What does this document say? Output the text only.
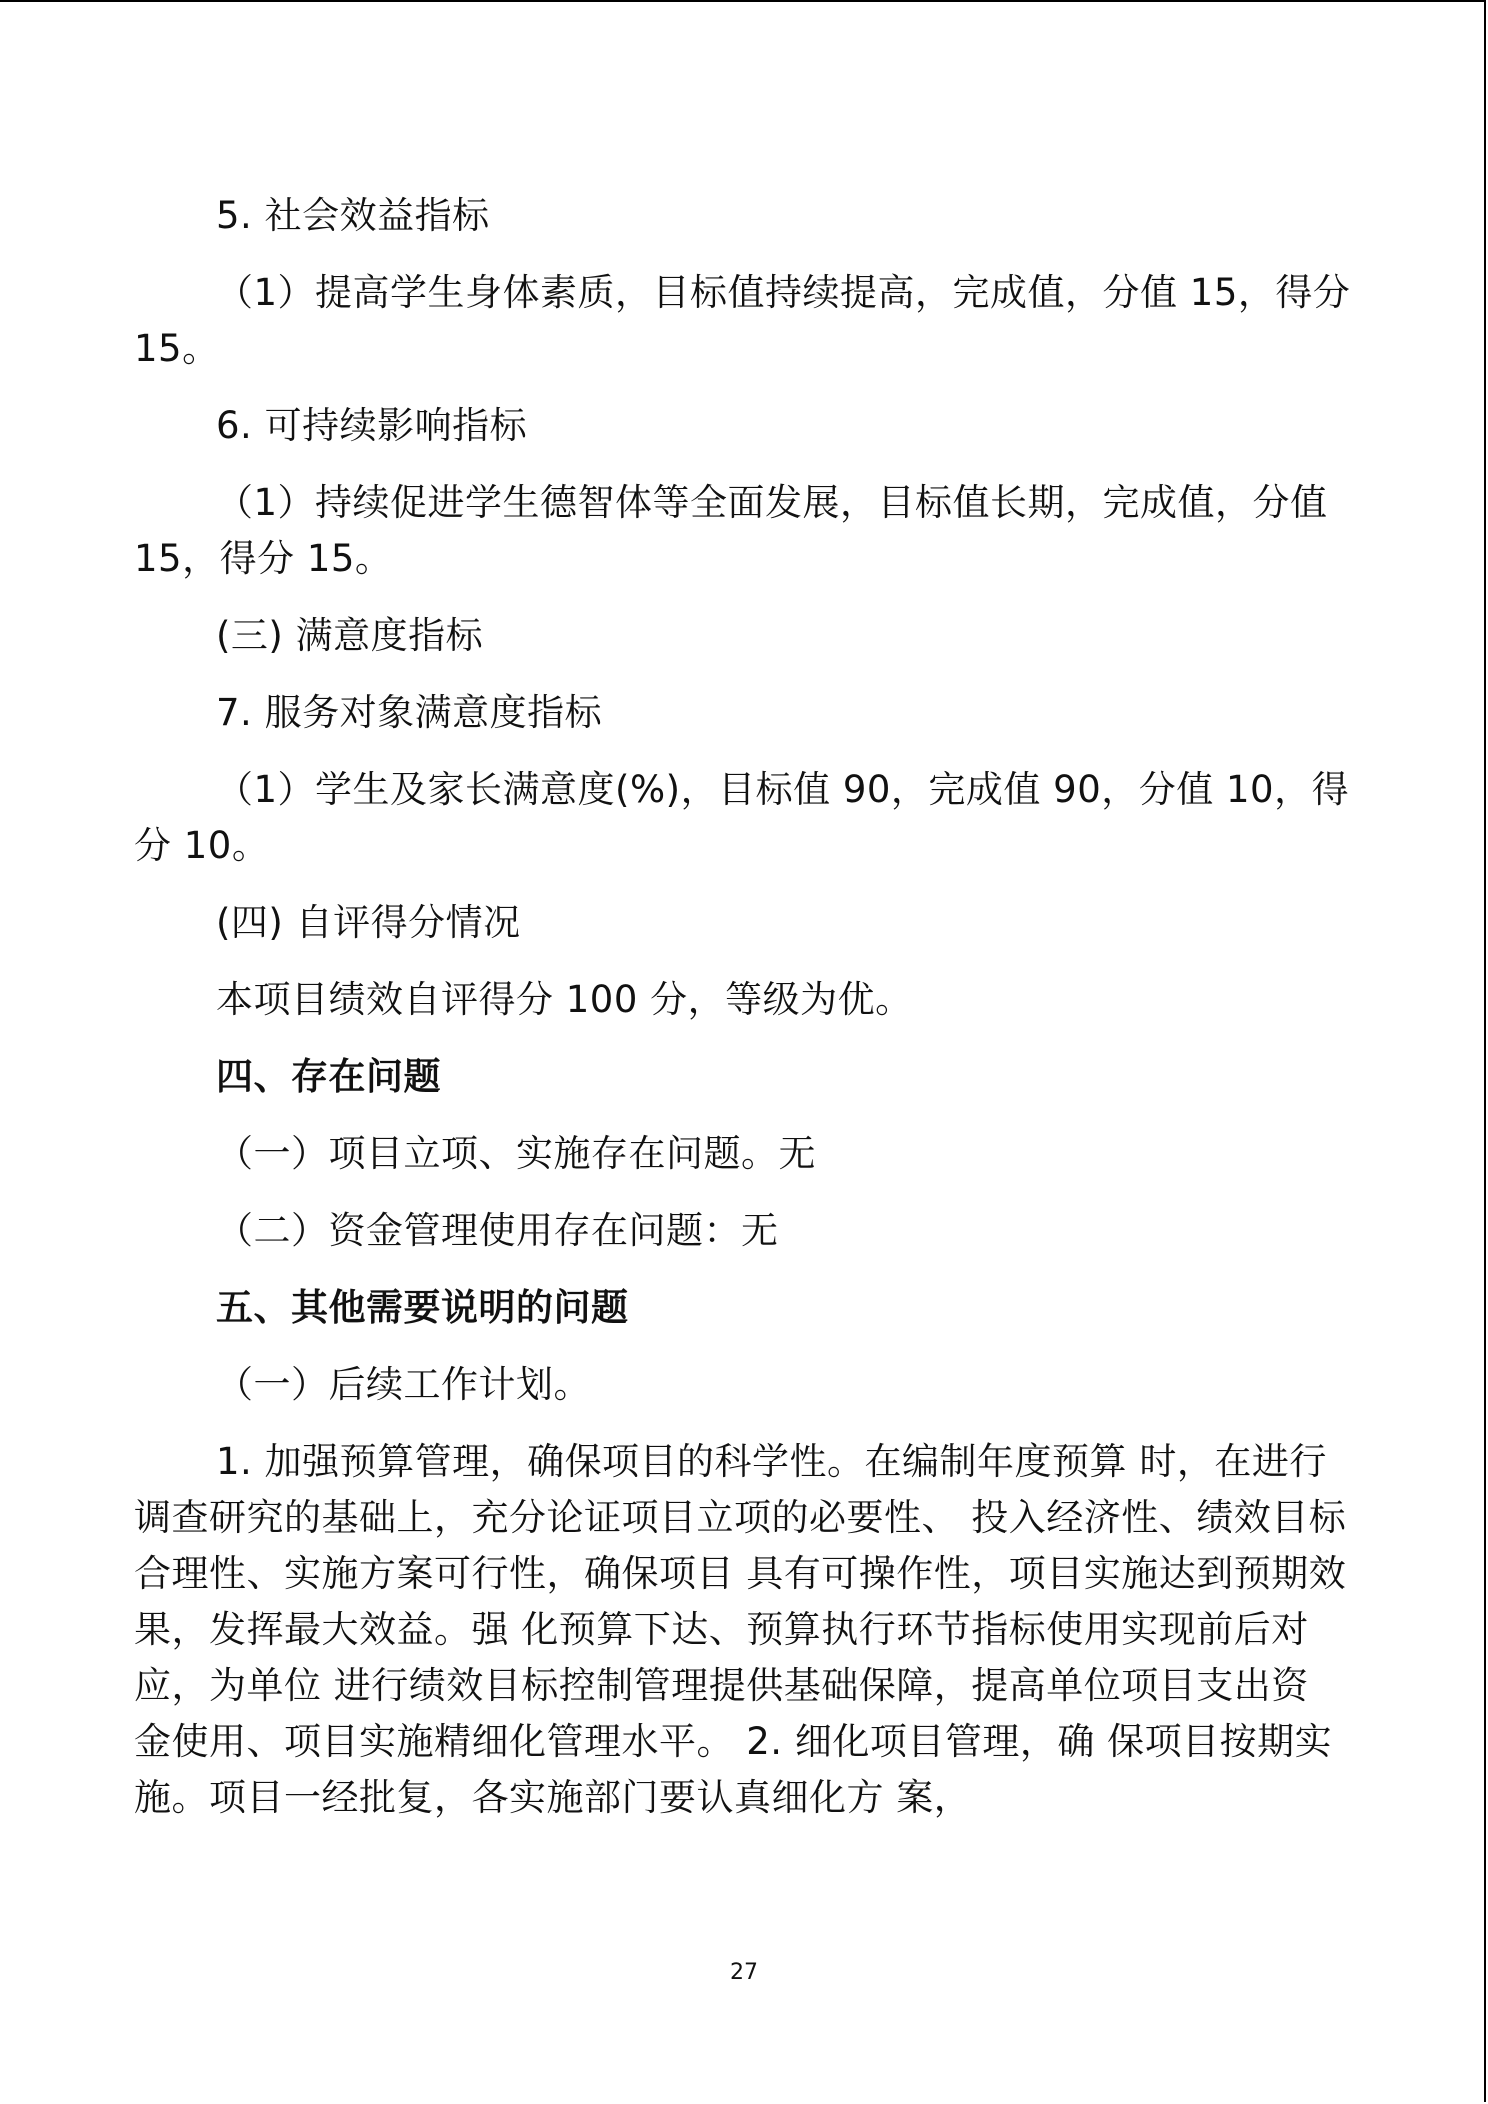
5. 社会效益指标

（1）提高学生身体素质，目标值持续提高，完成值，分值 15，得分 15。

6. 可持续影响指标

（1）持续促进学生德智体等全面发展，目标值长期，完成值，分值 15，得分 15。

(三) 满意度指标

7. 服务对象满意度指标

（1）学生及家长满意度(%)，目标值 90，完成值 90，分值 10，得分 10。

(四) 自评得分情况

本项目绩效自评得分 100 分，等级为优。

四、存在问题

（一）项目立项、实施存在问题。无

（二）资金管理使用存在问题：无

五、其他需要说明的问题

（一）后续工作计划。

1. 加强预算管理，确保项目的科学性。在编制年度预算 时，在进行调查研究的基础上，充分论证项目立项的必要性、 投入经济性、绩效目标合理性、实施方案可行性，确保项目 具有可操作性，项目实施达到预期效果，发挥最大效益。强 化预算下达、预算执行环节指标使用实现前后对应，为单位 进行绩效目标控制管理提供基础保障，提高单位项目支出资 金使用、项目实施精细化管理水平。 2. 细化项目管理，确 保项目按期实施。项目一经批复，各实施部门要认真细化方 案，

27
